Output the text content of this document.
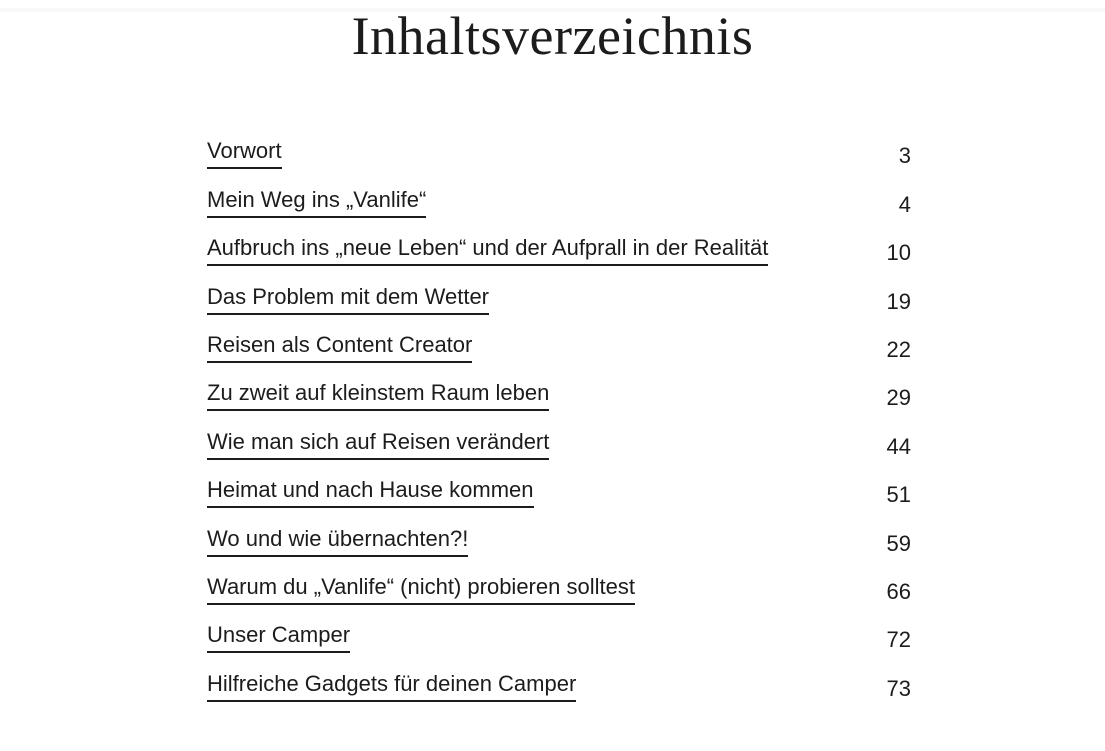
Inhaltsverzeichnis
Vorwort	3
Mein Weg ins „Vanlife“	4
Aufbruch ins „neue Leben“ und der Aufprall in der Realität	10
Das Problem mit dem Wetter	19
Reisen als Content Creator	22
Zu zweit auf kleinstem Raum leben	29
Wie man sich auf Reisen verändert	44
Heimat und nach Hause kommen	51
Wo und wie übernachten?!	59
Warum du „Vanlife“ (nicht) probieren solltest	66
Unser Camper	72
Hilfreiche Gadgets für deinen Camper	73
